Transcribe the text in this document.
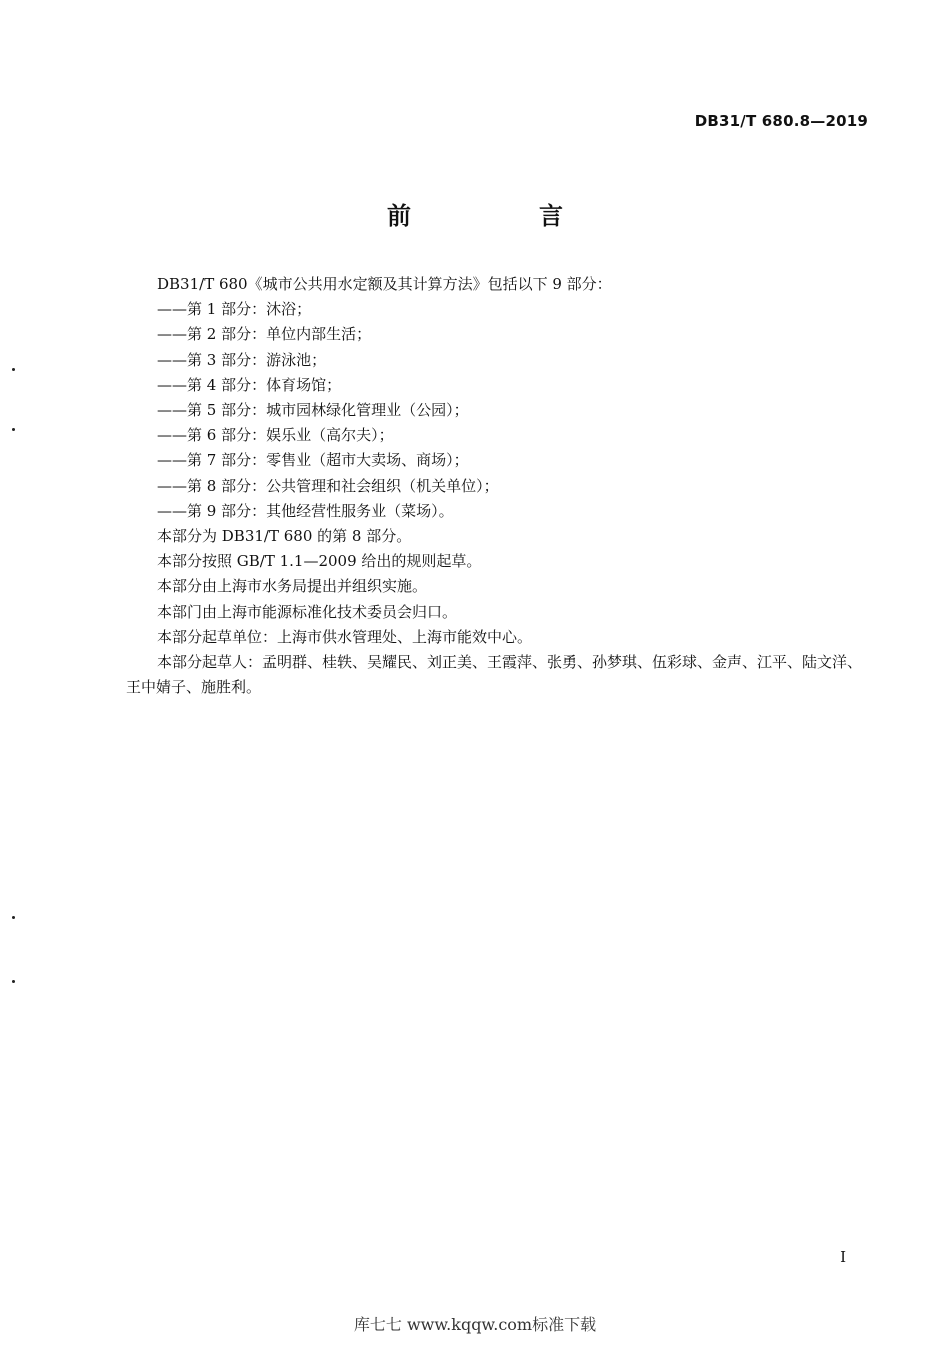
DB31/T 680.8—2019
前　言
DB31/T 680《城市公共用水定额及其计算方法》包括以下 9 部分：
——第 1 部分：沐浴；
——第 2 部分：单位内部生活；
——第 3 部分：游泳池；
——第 4 部分：体育场馆；
——第 5 部分：城市园林绿化管理业（公园）；
——第 6 部分：娱乐业（高尔夫）；
——第 7 部分：零售业（超市大卖场、商场）；
——第 8 部分：公共管理和社会组织（机关单位）；
——第 9 部分：其他经营性服务业（菜场）。
本部分为 DB31/T 680 的第 8 部分。
本部分按照 GB/T 1.1—2009 给出的规则起草。
本部分由上海市水务局提出并组织实施。
本部门由上海市能源标准化技术委员会归口。
本部分起草单位：上海市供水管理处、上海市能效中心。
本部分起草人：孟明群、桂轶、吴耀民、刘正美、王霞萍、张勇、孙梦琪、伍彩球、金声、江平、陆文洋、
王中婧子、施胜利。
I
库七七 www.kqqw.com标准下载
